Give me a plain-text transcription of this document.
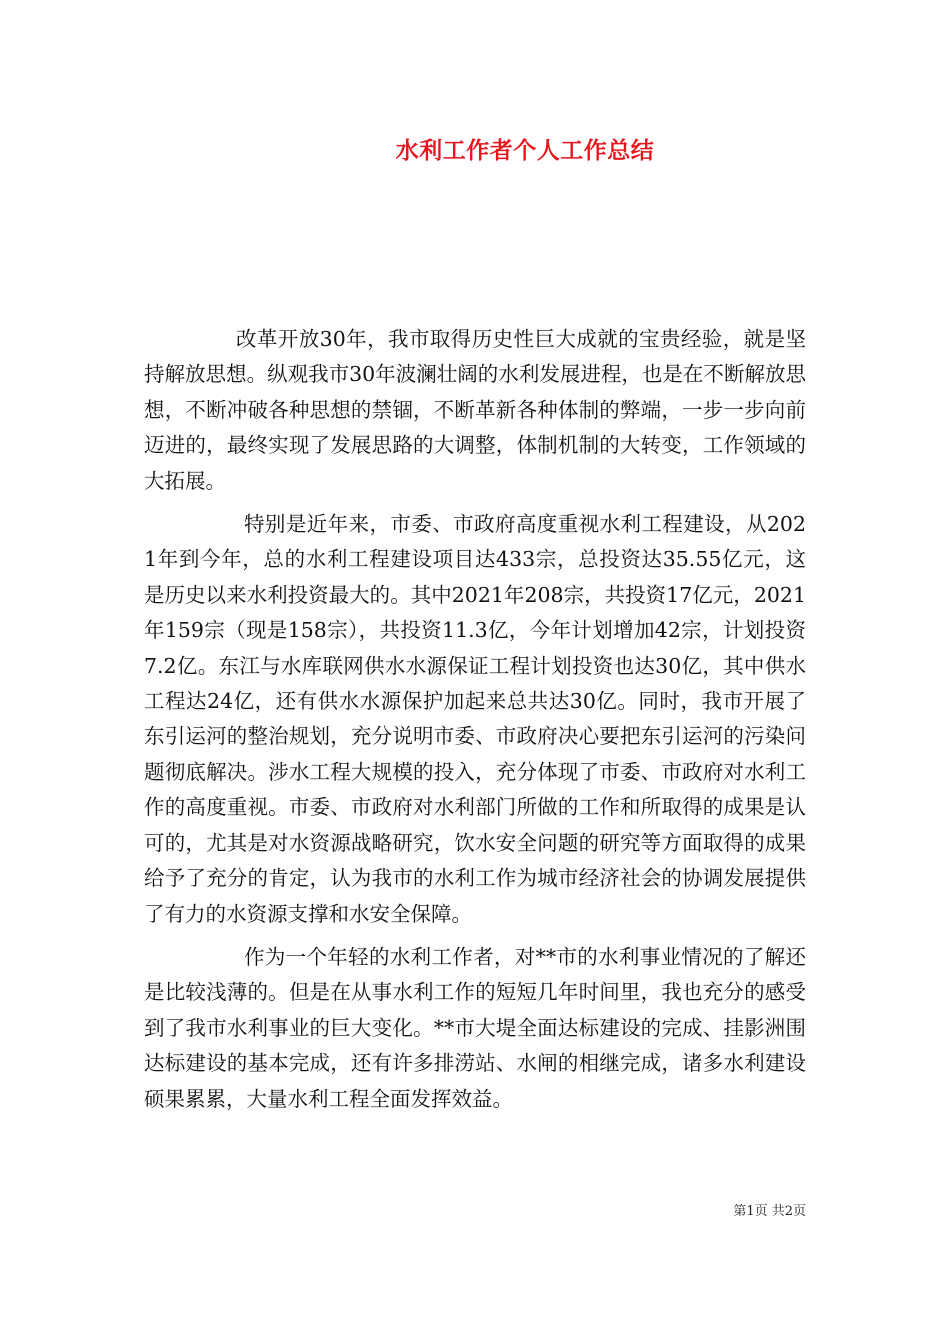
水利工作者个人工作总结

改革开放30年，我市取得历史性巨大成就的宝贵经验，就是坚持解放思想。纵观我市30年波澜壮阔的水利发展进程，也是在不断解放思想，不断冲破各种思想的禁锢，不断革新各种体制的弊端，一步一步向前迈进的，最终实现了发展思路的大调整，体制机制的大转变，工作领域的大拓展。

特别是近年来，市委、市政府高度重视水利工程建设，从2021年到今年，总的水利工程建设项目达433宗，总投资达35.55亿元，这是历史以来水利投资最大的。其中2021年208宗，共投资17亿元，2021年159宗（现是158宗），共投资11.3亿，今年计划增加42宗，计划投资7.2亿。东江与水库联网供水水源保证工程计划投资也达30亿，其中供水工程达24亿，还有供水水源保护加起来总共达30亿。同时，我市开展了东引运河的整治规划，充分说明市委、市政府决心要把东引运河的污染问题彻底解决。涉水工程大规模的投入，充分体现了市委、市政府对水利工作的高度重视。市委、市政府对水利部门所做的工作和所取得的成果是认可的，尤其是对水资源战略研究，饮水安全问题的研究等方面取得的成果给予了充分的肯定，认为我市的水利工作为城市经济社会的协调发展提供了有力的水资源支撑和水安全保障。

作为一个年轻的水利工作者，对**市的水利事业情况的了解还是比较浅薄的。但是在从事水利工作的短短几年时间里，我也充分的感受到了我市水利事业的巨大变化。**市大堤全面达标建设的完成、挂影洲围达标建设的基本完成，还有许多排涝站、水闸的相继完成，诸多水利建设硕果累累，大量水利工程全面发挥效益。

第1页 共2页
